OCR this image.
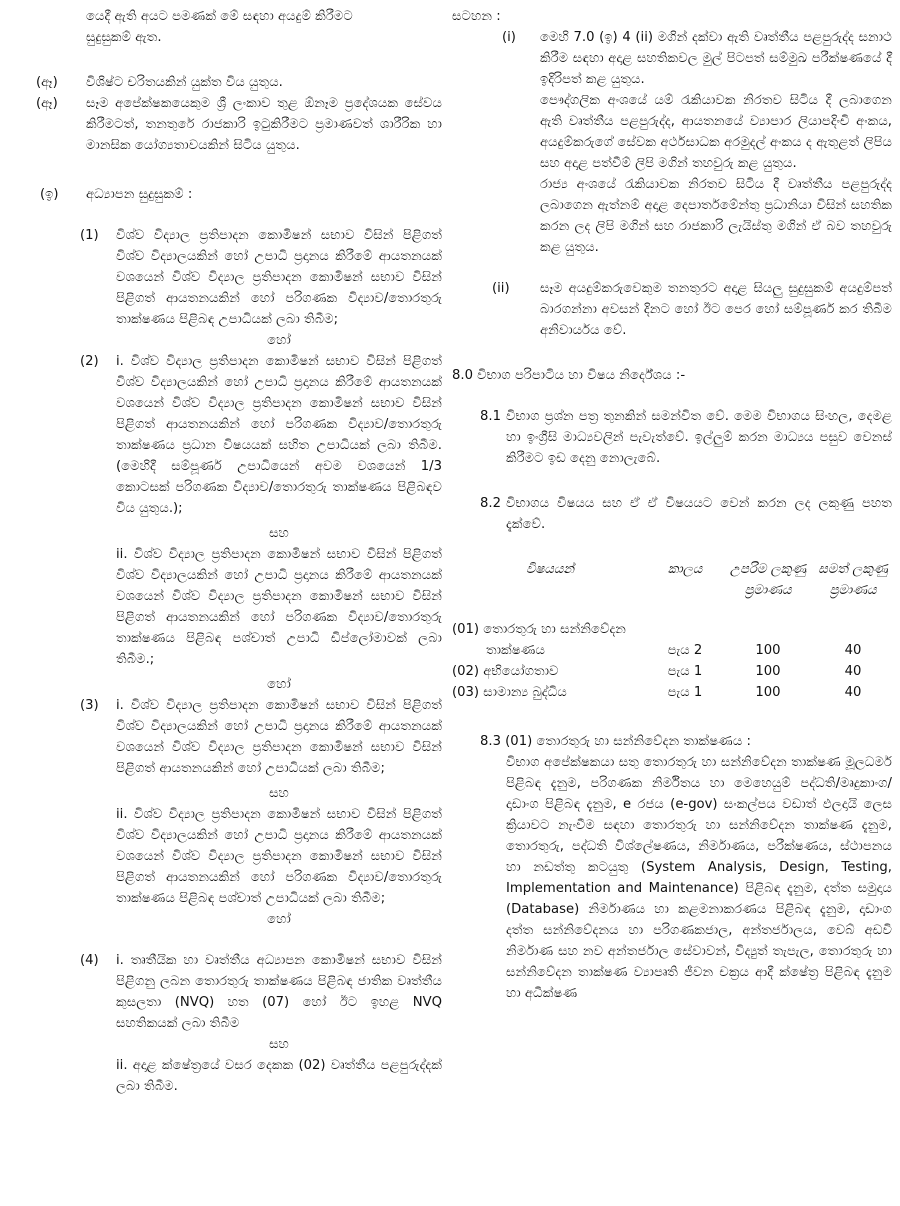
යෙදී ඇති අයට පමණක් මේ සඳහා අයදුම් කිරීමට
සුදුසුකම් ඇත.
(ඈ)	විශිෂ්ට චරිතයකින් යුක්ත විය යුතුය.
(ඈ)	සෑම අපේක්ෂකයෙකුම ශ්‍රී ලංකාව තුළ ඕනෑම ප්‍රදේශයක සේවය කිරීමටත්, තනතුරේ රාජකාරි ඉටුකිරීමට ප්‍රමාණවත් ශාරීරික හා මානසික යෝග්‍යතාවයකින් සිටිය යුතුය.
(ඉ)	අධ්‍යාපන සුදුසුකම් :
(1)	විශ්ව විද්‍යාල ප්‍රතිපාදන කොමිෂන් සභාව විසින් පිළිගත් විශ්ව විද්‍යාලයකින් හෝ උපාධි ප්‍රදානය කිරීමේ ආයතනයක් වශයෙන් විශ්ව විද්‍යාල ප්‍රතිපාදන කොමිෂන් සභාව විසින් පිළිගත් ආයතනයකින් හෝ පරිගණක විද්‍යාව/තොරතුරු තාක්ෂණය පිළිබඳ උපාධියක් ලබා තිබීම;
හෝ
(2)	i. විශ්ව විද්‍යාල ප්‍රතිපාදන කොමිෂන් සභාව විසින් පිළිගත් විශ්ව විද්‍යාලයකින් හෝ උපාධි ප්‍රදානය කිරීමේ ආයතනයක් වශයෙන් විශ්ව විද්‍යාල ප්‍රතිපාදන කොමිෂන් සභාව විසින් පිළිගත් ආයතනයකින් හෝ පරිගණක විද්‍යාව/තොරතුරු තාක්ෂණය ප්‍රධාන විෂයයක් සහිත උපාධියක් ලබා තිබීම. (මෙහිදී සම්පූර්ණ උපාධියෙන් අවම වශයෙන් 1/3 කොටසක් පරිගණක විද්‍යාව/තොරතුරු තාක්ෂණය පිළිබඳව විය යුතුය.);
සහ
ii. විශ්ව විද්‍යාල ප්‍රතිපාදන කොමිෂන් සභාව විසින් පිළිගත් විශ්ව විද්‍යාලයකින් හෝ උපාධි ප්‍රදානය කිරීමේ ආයතනයක් වශයෙන් විශ්ව විද්‍යාල ප්‍රතිපාදන කොමිෂන් සභාව විසින් පිළිගත් ආයතනයකින් හෝ පරිගණක විද්‍යාව/තොරතුරු තාක්ෂණය පිළිබඳ පශ්චාත් උපාධි ඩිප්ලෝමාවක් ලබා තිබීම.;
හෝ
(3)	i. විශ්ව විද්‍යාල ප්‍රතිපාදන කොමිෂන් සභාව විසින් පිළිගත් විශ්ව විද්‍යාලයකින් හෝ උපාධි ප්‍රදානය කිරීමේ ආයතනයක් වශයෙන් විශ්ව විද්‍යාල ප්‍රතිපාදන කොමිෂන් සභාව විසින් පිළිගත් ආයතනයකින් හෝ උපාධියක් ලබා තිබීම;
සහ
ii. විශ්ව විද්‍යාල ප්‍රතිපාදන කොමිෂන් සභාව විසින් පිළිගත් විශ්ව විද්‍යාලයකින් හෝ උපාධි ප්‍රදානය කිරීමේ ආයතනයක් වශයෙන් විශ්ව විද්‍යාල ප්‍රතිපාදන කොමිෂන් සභාව විසින් පිළිගත් ආයතනයකින් හෝ පරිගණක විද්‍යාව/තොරතුරු තාක්ෂණය පිළිබඳ පශ්චාත් උපාධියක් ලබා තිබීම;
හෝ
(4)	i. තෘතීයික හා වෘත්තීය අධ්‍යාපන කොමිෂන් සභාව විසින් පිළිගනු ලබන තොරතුරු තාක්ෂණය පිළිබඳ ජාතික වෘත්තීය කුසලතා (NVQ) හත (07) හෝ ඊට ඉහළ NVQ සහතිකයක් ලබා තිබීම
සහ
ii. අදාළ ක්ෂේත්‍රයේ වසර දෙකක (02) වෘත්තීය පළපුරුද්දක් ලබා තිබීම.
සටහන :
(i)	මෙහි 7.0 (ඉ) 4 (ii) මගින් දක්වා ඇති වෘත්තීය පළපුරුද්ද සනාථ කිරීම සඳහා අදාළ සහතිකවල මුල් පිටපත් සම්මුඛ පරීක්ෂණයේ දී ඉදිරිපත් කළ යුතුය.
පෞද්ගලික අංශයේ යම් රැකියාවක නිරතව සිටිය දී ලබාගෙන ඇති වෘත්තීය පළපුරුද්ද, ආයතනයේ ව්‍යාපාර ලියාපදිංචි අංකය, අයදුම්කරුගේ සේවක අර්ථසාධක අරමුදල් අංකය ද ඇතුළත් ලිපිය සහ අදාළ පත්වීම් ලිපි මගින් තහවුරු කළ යුතුය.
රාජ්‍ය අංශයේ රැකියාවක නිරතව සිටිය දී වෘත්තීය පළපුරුද්ද ලබාගෙන ඇත්නම් අදාළ දෙපාර්තමේන්තු ප්‍රධානියා විසින් සහතික කරන ලද ලිපි මගින් සහ රාජකාරි ලැයිස්තු මගින් ඒ බව තහවුරු කළ යුතුය.
(ii)	සෑම අයදුම්කරුවෙකුම තනතුරට අදාළ සියලු සුදුසුකම් අයදුම්පත් බාරගන්නා අවසන් දිනට හෝ ඊට පෙර හෝ සම්පූර්ණ කර තිබීම අනිවාර්යය වේ.
8.0 විභාග පරිපාටිය හා විෂය නිර්දේශය :-
8.1 විභාග ප්‍රශ්න පත්‍ර තුනකින් සමන්විත වේ. මෙම විභාගය සිංහල, දෙමළ හා ඉංග්‍රීසි මාධ්‍යවලින් පැවැත්වේ. ඉල්ලුම් කරන මාධ්‍යය පසුව වෙනස් කිරීමට ඉඩ දෙනු නොලැබේ.
8.2 විභාගය විෂයය සහ ඒ ඒ විෂයයට වෙන් කරන ලද ලකුණු පහත දැක්වේ.
විෂයයන්	කාලය	උපරිම ලකුණු ප්‍රමාණය	සමත් ලකුණු ප්‍රමාණය

(01) තොරතුරු හා සන්නිවේදන
තාක්ෂණය	පැය 2	100	40
(02) අභියෝගතාව	පැය 1	100	40
(03) සාමාන්‍ය බුද්ධිය	පැය 1	100	40
8.3 (01) තොරතුරු හා සන්නිවේදන තාක්ෂණය :
විභාග අපේක්ෂකයා සතු තොරතුරු හා සන්නිවේදන තාක්ෂණ මූලධර්ම පිළිබඳ දැනුම, පරිගණක නිර්මිතය හා මෙහෙයුම් පද්ධති/මෘදුකාංග/දෘඩාංග පිළිබඳ දැනුම, e රජය (e-gov) සංකල්පය වඩාත් ඵලදායි ලෙස ක්‍රියාවට නැංවීම සඳහා තොරතුරු හා සන්නිවේදන තාක්ෂණ දැනුම, තොරතුරු, පද්ධති විශ්ලේෂණය, නිර්මාණය, පරීක්ෂණය, ස්ථාපනය හා නඩත්තු කටයුතු (System Analysis, Design, Testing, Implementation and Maintenance) පිළිබඳ දැනුම, දත්ත සමුදාය (Database) නිර්මාණය හා කළමනාකරණය පිළිබඳ දැනුම, දෘඩාංග දත්ත සන්නිවේදනය හා පරිගණකජාල, අන්තර්ජාලය, වෙබ් අඩවි නිර්මාණ සහ නව අන්තර්ජාල සේවාවන්, විද්‍යුත් තැපැල, තොරතුරු හා සන්නිවේදන තාක්ෂණ ව්‍යාපෘති ජීවන චක්‍රය ආදී ක්ෂේත්‍ර පිළිබඳ දැනුම හා අධීක්ෂණ
